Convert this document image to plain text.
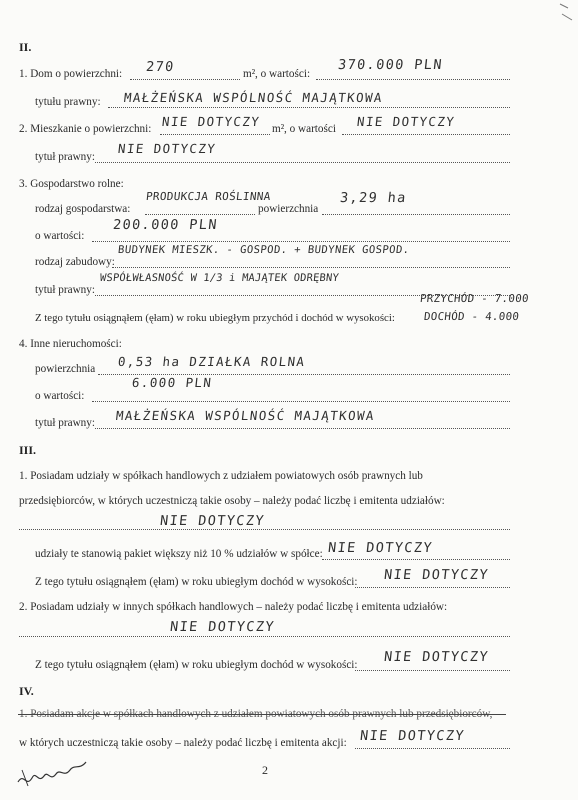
II.
1. Dom o powierzchni: 270	m², o wartości:
370.000 PLN
tytułu prawny: MAŁŻEŃSKA WSPÓLNOŚĆ MAJĄTKOWA
2. Mieszkanie o powierzchni: NIE DOTYCZY m², o wartości NIE DOTYCZY
tytuł prawny:
NIE DOTYCZY
3. Gospodarstwo rolne:
rodzaj gospodarstwa:
PRODUKCJA ROŚLINNA
powierzchnia
3,29 ha
o wartości:
200.000 PLN
rodzaj zabudowy:
BUDYNEK MIESZK. - GOSPOD. + BUDYNEK GOSPOD.
tytuł prawny:
WSPÓŁWŁASNOŚĆ W 1/3 i MAJĄTEK ODRĘBNY
Z tego tytułu osiągnąłem (ęłam) w roku ubiegłym przychód i dochód w wysokości:
PRZYCHÓD - 7.000
DOCHÓD - 4.000
4. Inne nieruchomości:
powierzchnia 0,53 ha DZIAŁKA ROLNA
o wartości:
6.000 PLN
tytuł prawny: MAŁŻEŃSKA WSPÓLNOŚĆ MAJĄTKOWA
III.
1. Posiadam udziały w spółkach handlowych z udziałem powiatowych osób prawnych lub
przedsiębiorców, w których uczestniczą takie osoby – należy podać liczbę i emitenta udziałów:
NIE DOTYCZY
udziały te stanowią pakiet większy niż 10 % udziałów w spółce: NIE DOTYCZY
Z tego tytułu osiągnąłem (ęłam) w roku ubiegłym dochód w wysokości: NIE DOTYCZY
2. Posiadam udziały w innych spółkach handlowych – należy podać liczbę i emitenta udziałów:
NIE DOTYCZY
Z tego tytułu osiągnąłem (ęłam) w roku ubiegłym dochód w wysokości: NIE DOTYCZY
IV.
1. Posiadam akcje w spółkach handlowych z udziałem powiatowych osób prawnych lub przedsiębiorców,
w których uczestniczą takie osoby – należy podać liczbę i emitenta akcji: NIE DOTYCZY
2
